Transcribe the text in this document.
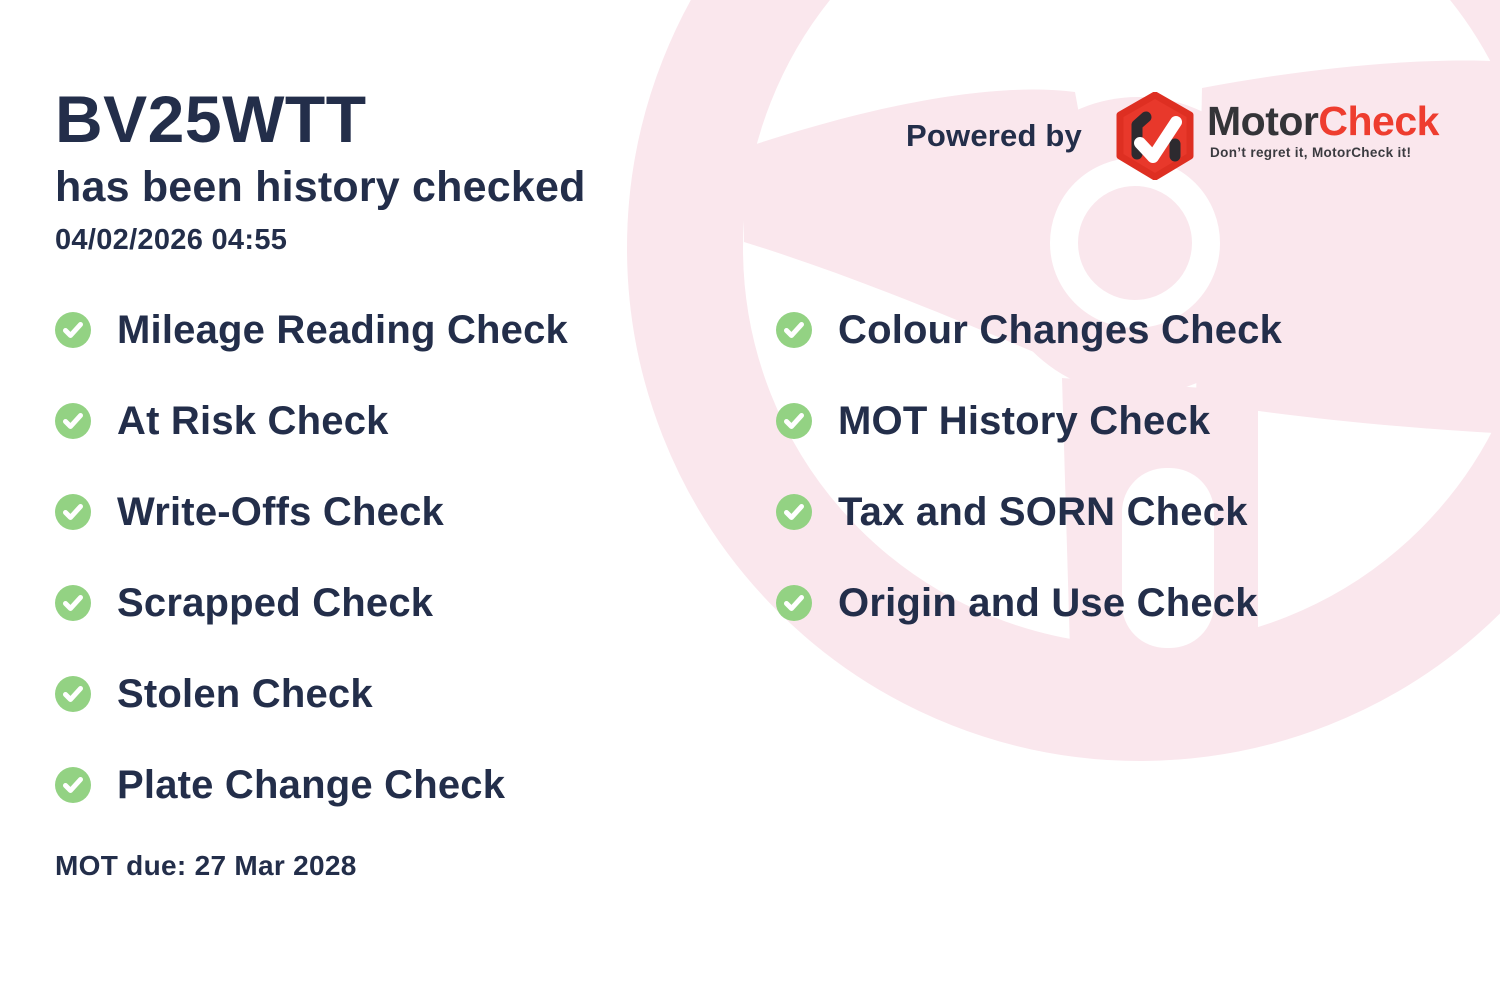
BV25WTT
has been history checked
04/02/2026 04:55
Powered by	MotorCheck
Don’t regret it, MotorCheck it!
Mileage Reading Check
At Risk Check
Write-Offs Check
Scrapped Check
Stolen Check
Plate Change Check
Colour Changes Check
MOT History Check
Tax and SORN Check
Origin and Use Check
MOT due: 27 Mar 2028
